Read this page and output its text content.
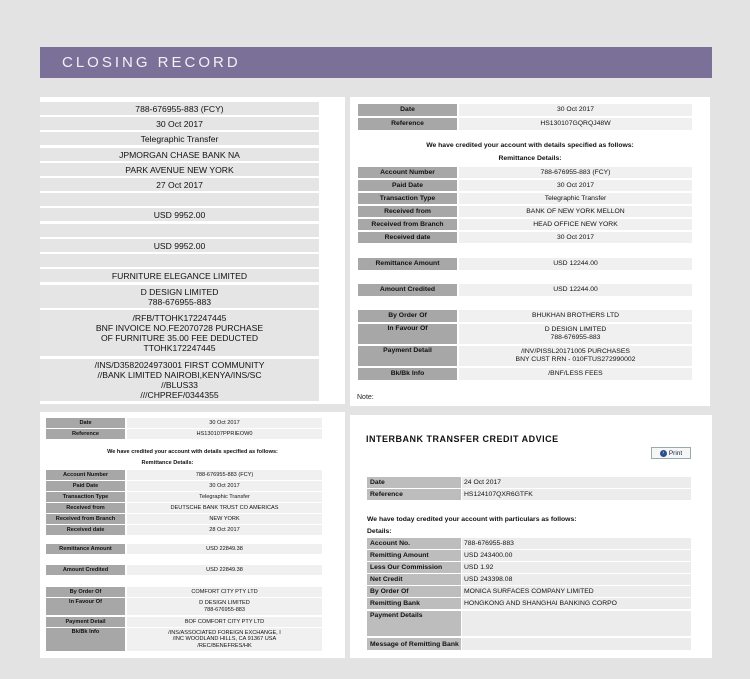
CLOSING RECORD
788-676955-883 (FCY)
30 Oct 2017
Telegraphic Transfer
JPMORGAN CHASE BANK NA
PARK AVENUE NEW YORK
27 Oct 2017
USD 9952.00
USD 9952.00
FURNITURE ELEGANCE LIMITED
D DESIGN LIMITED
788-676955-883
/RFB/TTOHK172247445
BNF INVOICE NO.FE2070728 PURCHASE
OF FURNITURE 35.00 FEE DEDUCTED
TTOHK172247445
/INS/D3582024973001 FIRST COMMUNITY
//BANK LIMITED NAIROBI,KENYA/INS/SC
//BLUS33
///CHPREF/0344355
Date	30 Oct 2017
Reference	HS130107GQRQJ48W
We have credited your account with details specified as follows:
Remittance Details:
Account Number	788-676955-883 (FCY)
Paid Date	30 Oct 2017
Transaction Type	Telegraphic Transfer
Received from	BANK OF NEW YORK MELLON
Received from Branch	HEAD OFFICE NEW YORK
Received date	30 Oct 2017
Remittance Amount	USD 12244.00
Amount Credited	USD 12244.00
By Order Of	BHUKHAN BROTHERS LTD
In Favour Of	D DESIGN LIMITED
788-676955-883
Payment Detail	/INV/PISSL20171005 PURCHASES
BNY CUST RRN - 010FTUS272990002
Bk/Bk Info	/BNF/LESS FEES
Note:
Date	30 Oct 2017
Reference	HS130107PPRIEOW0
We have credited your account with details specified as follows:
Remittance Details:
Account Number	788-676955-883 (FCY)
Paid Date	30 Oct 2017
Transaction Type	Telegraphic Transfer
Received from	DEUTSCHE BANK TRUST CO AMERICAS
Received from Branch	NEW YORK
Received date	28 Oct 2017
Remittance Amount	USD 22849.38
Amount Credited	USD 22849.38
By Order Of	COMFORT CITY PTY LTD
In Favour Of	D DESIGN LIMITED
788-676955-883
Payment Detail	BOF COMFORT CITY PTY LTD
Bk/Bk Info	/INS/ASSOCIATED FOREIGN EXCHANGE, I
/INC WOODLAND HILLS, CA 91367 USA
/REC/BENEFRES/HK
INTERBANK TRANSFER CREDIT ADVICE
› Print
Date	24 Oct 2017
Reference	HS124107QXR6GTFK
We have today credited your account with particulars as follows:
Details:
Account No.	788-676955-883
Remitting Amount	USD 243400.00
Less Our Commission	USD 1.92
Net Credit	USD 243398.08
By Order Of	MONICA SURFACES COMPANY LIMITED
Remitting Bank	HONGKONG AND SHANGHAI BANKING CORPO
Payment Details
Message of Remitting Bank
